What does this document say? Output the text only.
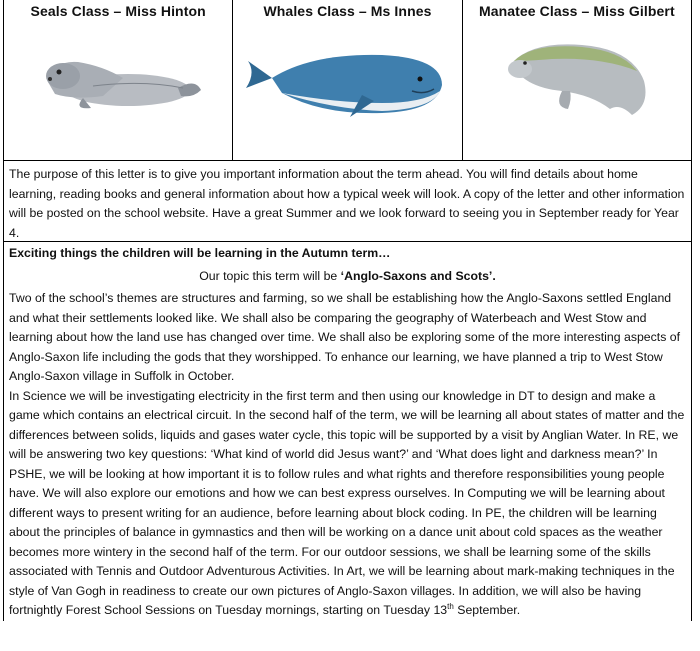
Seals Class – Miss Hinton	Whales Class – Ms Innes	Manatee Class – Miss Gilbert

The purpose of this letter is to give you important information about the term ahead. You will find details about home learning, reading books and general information about how a typical week will look. A copy of the letter and other information will be posted on the school website. Have a great Summer and we look forward to seeing you in September ready for Year 4.

Exciting things the children will be learning in the Autumn term…

Our topic this term will be ‘Anglo-Saxons and Scots’.

Two of the school’s themes are structures and farming, so we shall be establishing how the Anglo-Saxons settled England and what their settlements looked like. We shall also be comparing the geography of Waterbeach and West Stow and learning about how the land use has changed over time. We shall also be exploring some of the more interesting aspects of Anglo-Saxon life including the gods that they worshipped. To enhance our learning, we have planned a trip to West Stow Anglo-Saxon village in Suffolk in October.

In Science we will be investigating electricity in the first term and then using our knowledge in DT to design and make a game which contains an electrical circuit. In the second half of the term, we will be learning all about states of matter and the differences between solids, liquids and gases water cycle, this topic will be supported by a visit by Anglian Water. In RE, we will be answering two key questions: ‘What kind of world did Jesus want?’ and ‘What does light and darkness mean?’ In PSHE, we will be looking at how important it is to follow rules and what rights and therefore responsibilities young people have. We will also explore our emotions and how we can best express ourselves. In Computing we will be learning about different ways to present writing for an audience, before learning about block coding. In PE, the children will be learning about the principles of balance in gymnastics and then will be working on a dance unit about cold spaces as the weather becomes more wintery in the second half of the term. For our outdoor sessions, we shall be learning some of the skills associated with Tennis and Outdoor Adventurous Activities. In Art, we will be learning about mark-making techniques in the style of Van Gogh in readiness to create our own pictures of Anglo-Saxon villages. In addition, we will also be having fortnightly Forest School Sessions on Tuesday mornings, starting on Tuesday 13th September.
